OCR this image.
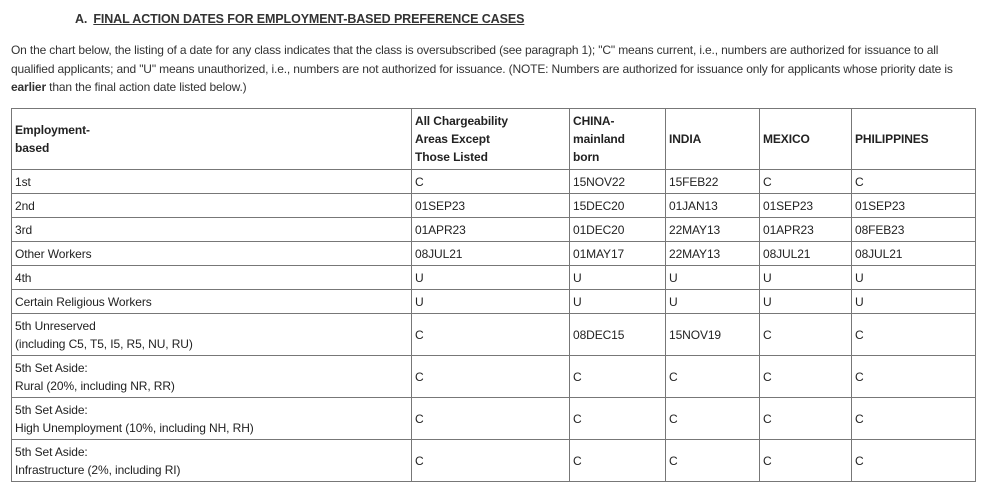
A. FINAL ACTION DATES FOR EMPLOYMENT-BASED PREFERENCE CASES
On the chart below, the listing of a date for any class indicates that the class is oversubscribed (see paragraph 1); "C" means current, i.e., numbers are authorized for issuance to all qualified applicants; and "U" means unauthorized, i.e., numbers are not authorized for issuance. (NOTE: Numbers are authorized for issuance only for applicants whose priority date is earlier than the final action date listed below.)
Employment-
based	All Chargeability
Areas Except
Those Listed	CHINA-
mainland
born	INDIA	MEXICO	PHILIPPINES
1st	C	15NOV22	15FEB22	C	C
2nd	01SEP23	15DEC20	01JAN13	01SEP23	01SEP23
3rd	01APR23	01DEC20	22MAY13	01APR23	08FEB23
Other Workers	08JUL21	01MAY17	22MAY13	08JUL21	08JUL21
4th	U	U	U	U	U
Certain Religious Workers	U	U	U	U	U
5th Unreserved
(including C5, T5, I5, R5, NU, RU)	C	08DEC15	15NOV19	C	C
5th Set Aside:
Rural (20%, including NR, RR)	C	C	C	C	C
5th Set Aside:
High Unemployment (10%, including NH, RH)	C	C	C	C	C
5th Set Aside:
Infrastructure (2%, including RI)	C	C	C	C	C
